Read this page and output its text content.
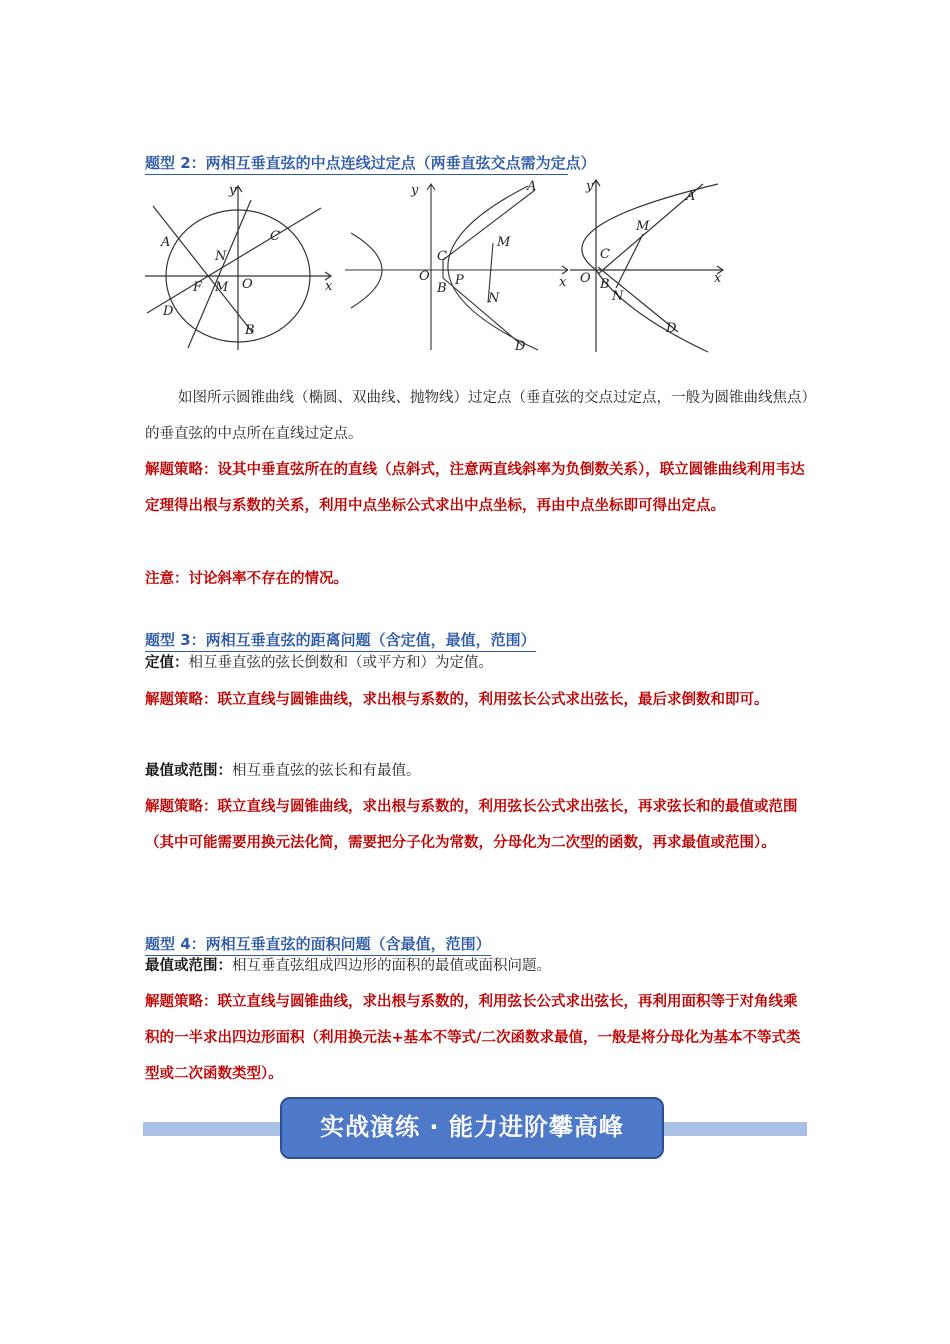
题型 2：两相互垂直弦的中点连线过定点（两垂直弦交点需为定点）
y
x
A	C
N
F M O
D
B
y
x
O
C
A
M
B
P
N
D
y
x
A
M
C
O B
N
D
如图所示圆锥曲线（椭圆、双曲线、抛物线）过定点（垂直弦的交点过定点，一般为圆锥曲线焦点）的垂直弦的中点所在直线过定点。
解题策略：设其中垂直弦所在的直线（点斜式，注意两直线斜率为负倒数关系），联立圆锥曲线利用韦达定理得出根与系数的关系，利用中点坐标公式求出中点坐标，再由中点坐标即可得出定点。
注意：讨论斜率不存在的情况。
题型 3：两相互垂直弦的距离问题（含定值，最值，范围）
定值：相互垂直弦的弦长倒数和（或平方和）为定值。
解题策略：联立直线与圆锥曲线，求出根与系数的，利用弦长公式求出弦长，最后求倒数和即可。
最值或范围：相互垂直弦的弦长和有最值。
解题策略：联立直线与圆锥曲线，求出根与系数的，利用弦长公式求出弦长，再求弦长和的最值或范围（其中可能需要用换元法化简，需要把分子化为常数，分母化为二次型的函数，再求最值或范围）。
题型 4：两相互垂直弦的面积问题（含最值，范围）
最值或范围：相互垂直弦组成四边形的面积的最值或面积问题。
解题策略：联立直线与圆锥曲线，求出根与系数的，利用弦长公式求出弦长，再利用面积等于对角线乘积的一半求出四边形面积（利用换元法+基本不等式/二次函数求最值，一般是将分母化为基本不等式类型或二次函数类型）。
实战演练 · 能力进阶攀高峰
